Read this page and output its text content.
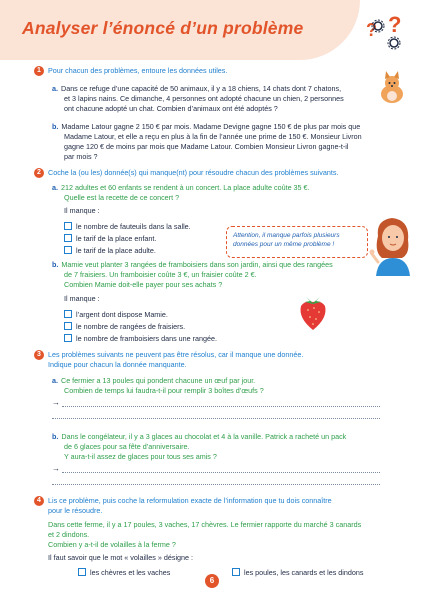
Analyser l’énoncé d’un problème	? ?
1 Pour chacun des problèmes, entoure les données utiles.
a. Dans ce refuge d’une capacité de 50 animaux, il y a 18 chiens, 14 chats dont 7 chatons,
et 3 lapins nains. Ce dimanche, 4 personnes ont adopté chacune un chien, 2 personnes
ont chacune adopté un chat. Combien d’animaux ont été adoptés ?
b. Madame Latour gagne 2 150 € par mois. Madame Devigne gagne 150 € de plus par mois que
Madame Latour, et elle a reçu en plus à la fin de l’année une prime de 150 €. Monsieur Livron
gagne 120 € de moins par mois que Madame Latour. Combien Monsieur Livron gagne-t-il
par mois ?
2 Coche la (ou les) donnée(s) qui manque(nt) pour résoudre chacun des problèmes suivants.
a. 212 adultes et 60 enfants se rendent à un concert. La place adulte coûte 35 €.
Quelle est la recette de ce concert ?
Il manque :
le nombre de fauteuils dans la salle.
le tarif de la place enfant.
le tarif de la place adulte.
Attention, il manque parfois plusieurs données pour un même problème !
b. Mamie veut planter 3 rangées de framboisiers dans son jardin, ainsi que des rangées
de 7 fraisiers. Un framboisier coûte 3 €, un fraisier coûte 2 €.
Combien Mamie doit-elle payer pour ses achats ?
Il manque :
l’argent dont dispose Mamie.
le nombre de rangées de fraisiers.
le nombre de framboisiers dans une rangée.
3 Les problèmes suivants ne peuvent pas être résolus, car il manque une donnée.
Indique pour chacun la donnée manquante.
a. Ce fermier a 13 poules qui pondent chacune un œuf par jour.
Combien de temps lui faudra-t-il pour remplir 3 boîtes d’œufs ?
→
b. Dans le congélateur, il y a 3 glaces au chocolat et 4 à la vanille. Patrick a racheté un pack
de 6 glaces pour sa fête d’anniversaire.
Y aura-t-il assez de glaces pour tous ses amis ?
→
4 Lis ce problème, puis coche la reformulation exacte de l’information que tu dois connaître
pour le résoudre.
Dans cette ferme, il y a 17 poules, 3 vaches, 17 chèvres. Le fermier rapporte du marché 3 canards
et 2 dindons.
Combien y a-t-il de volailles à la ferme ?
Il faut savoir que le mot « volailles » désigne :
les chèvres et les vaches	les poules, les canards et les dindons
6
